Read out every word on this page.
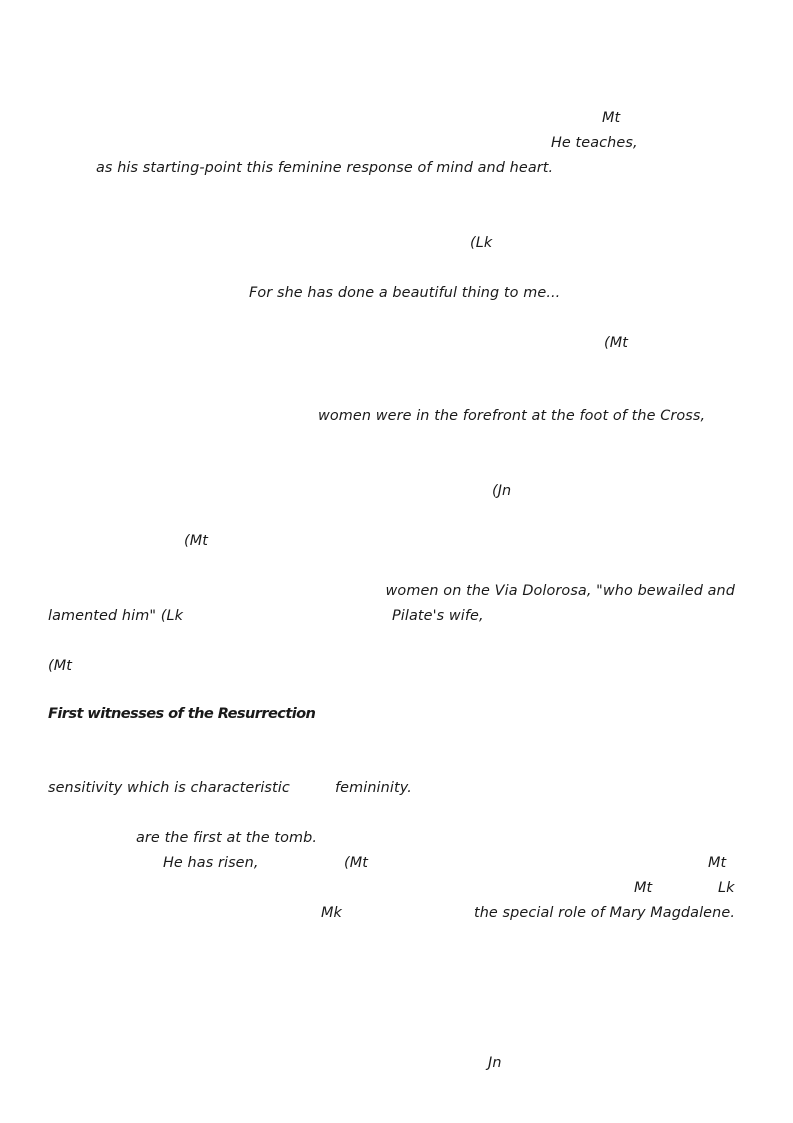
Mt
He teaches,
as his starting-point this feminine response of mind and heart.
(Lk
For she has done a beautiful thing to me...
(Mt
women were in the forefront at the foot of the Cross,
(Jn
(Mt
women on the Via Dolorosa, "who bewailed and
lamented him" (Lk	Pilate's wife,
(Mt
First witnesses of the Resurrection
sensitivity which is characteristic	femininity.
are the first at the tomb.
He has risen,	(Mt	Mt
Mt	Lk
Mk	the special role of Mary Magdalene.
Jn
